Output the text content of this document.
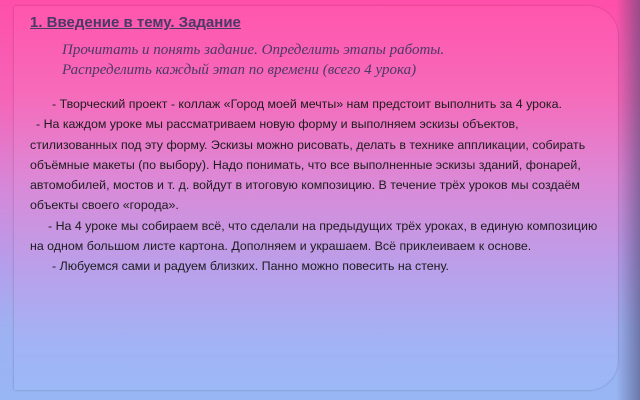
1. Введение в тему. Задание
Прочитать и понять задание. Определить этапы работы.
Распределить каждый этап по времени (всего 4 урока)

- Творческий проект - коллаж «Город моей мечты» нам предстоит выполнить за 4 урока.

- На каждом уроке мы рассматриваем новую форму и выполняем эскизы объектов, стилизованных под эту форму. Эскизы можно рисовать, делать в технике аппликации, собирать объёмные макеты (по выбору). Надо понимать, что все выполненные эскизы зданий, фонарей, автомобилей, мостов и т. д. войдут в итоговую композицию. В течение трёх уроков мы создаём объекты своего «города».

- На 4 уроке мы собираем всё, что сделали на предыдущих трёх уроках, в единую композицию на одном большом листе картона. Дополняем и украшаем. Всё приклеиваем к основе.

- Любуемся сами и радуем близких. Панно можно повесить на стену.
